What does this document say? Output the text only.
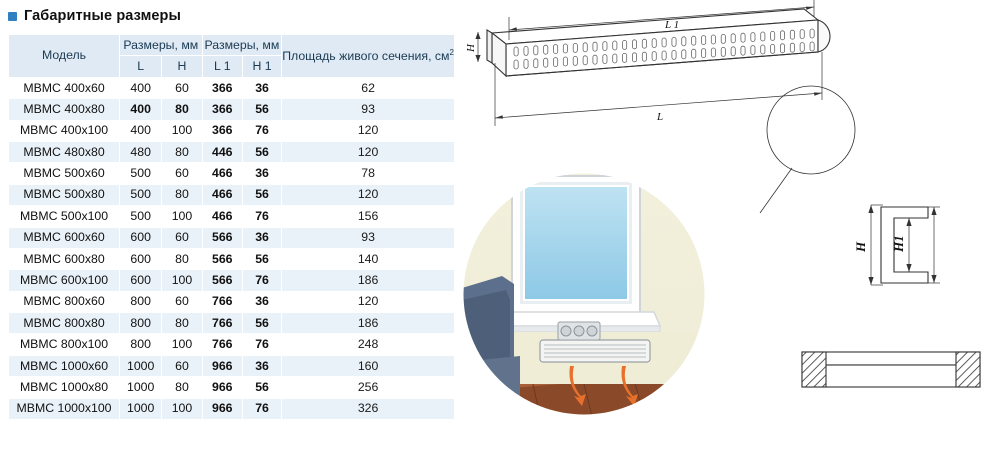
Габаритные размеры
Модель	Размеры, мм		Размеры, мм		Площадь живого сечения, $см^2$
	L	H	L 1	H 1	
МВМС 400x60	400	60	366	36	62
МВМС 400x80	400	80	366	56	93
МВМС 400x100	400	100	366	76	120
МВМС 480x80	480	80	446	56	120
МВМС 500x60	500	60	466	36	78
МВМС 500x80	500	80	466	56	120
МВМС 500x100	500	100	466	76	156
МВМС 600x60	600	60	566	36	93
МВМС 600x80	600	80	566	56	140
МВМС 600x100	600	100	566	76	186
МВМС 800x60	800	60	766	36	120
МВМС 800x80	800	80	766	56	186
МВМС 800x100	800	100	766	76	248
МВМС 1000x60	1000	60	966	36	160
МВМС 1000x80	1000	80	966	56	256
МВМС 1000x100	1000	100	966	76	326
L 1
L
H
H H1
